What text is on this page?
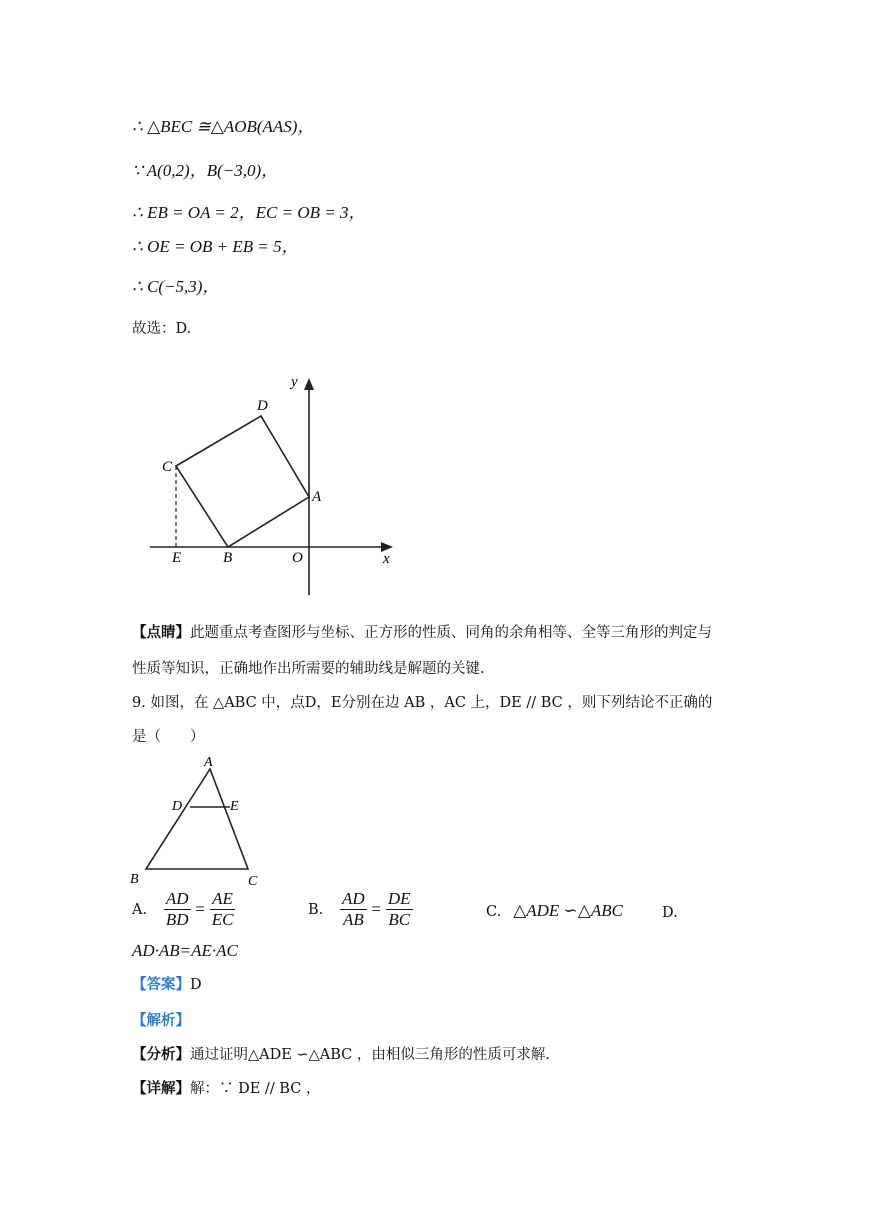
∴ △BEC ≅△AOB(AAS)，
∵ A(0,2)，B(−3,0)，
∴ EB = OA = 2，EC = OB = 3，
∴ OE = OB + EB = 5，
∴ C(−5,3)，
故选：D.
y
x
D
C
A
E	B	O
【点睛】此题重点考查图形与坐标、正方形的性质、同角的余角相等、全等三角形的判定与
性质等知识，正确地作出所需要的辅助线是解题的关键.
9. 如图，在 △ABC 中，点D，E分别在边 AB ，AC 上，DE // BC ，则下列结论不正确的
是（　　）
A
D	E
B	C
A. $\frac{AD}{BD} = \frac{AE}{EC}$	B. $\frac{AD}{AB} = \frac{DE}{BC}$	C. △ADE ∽△ABC	D.
AD·AB=AE·AC
【答案】D
【解析】
【分析】通过证明△ADE ∽△ABC ，由相似三角形的性质可求解.
【详解】解：∵ DE // BC ，
